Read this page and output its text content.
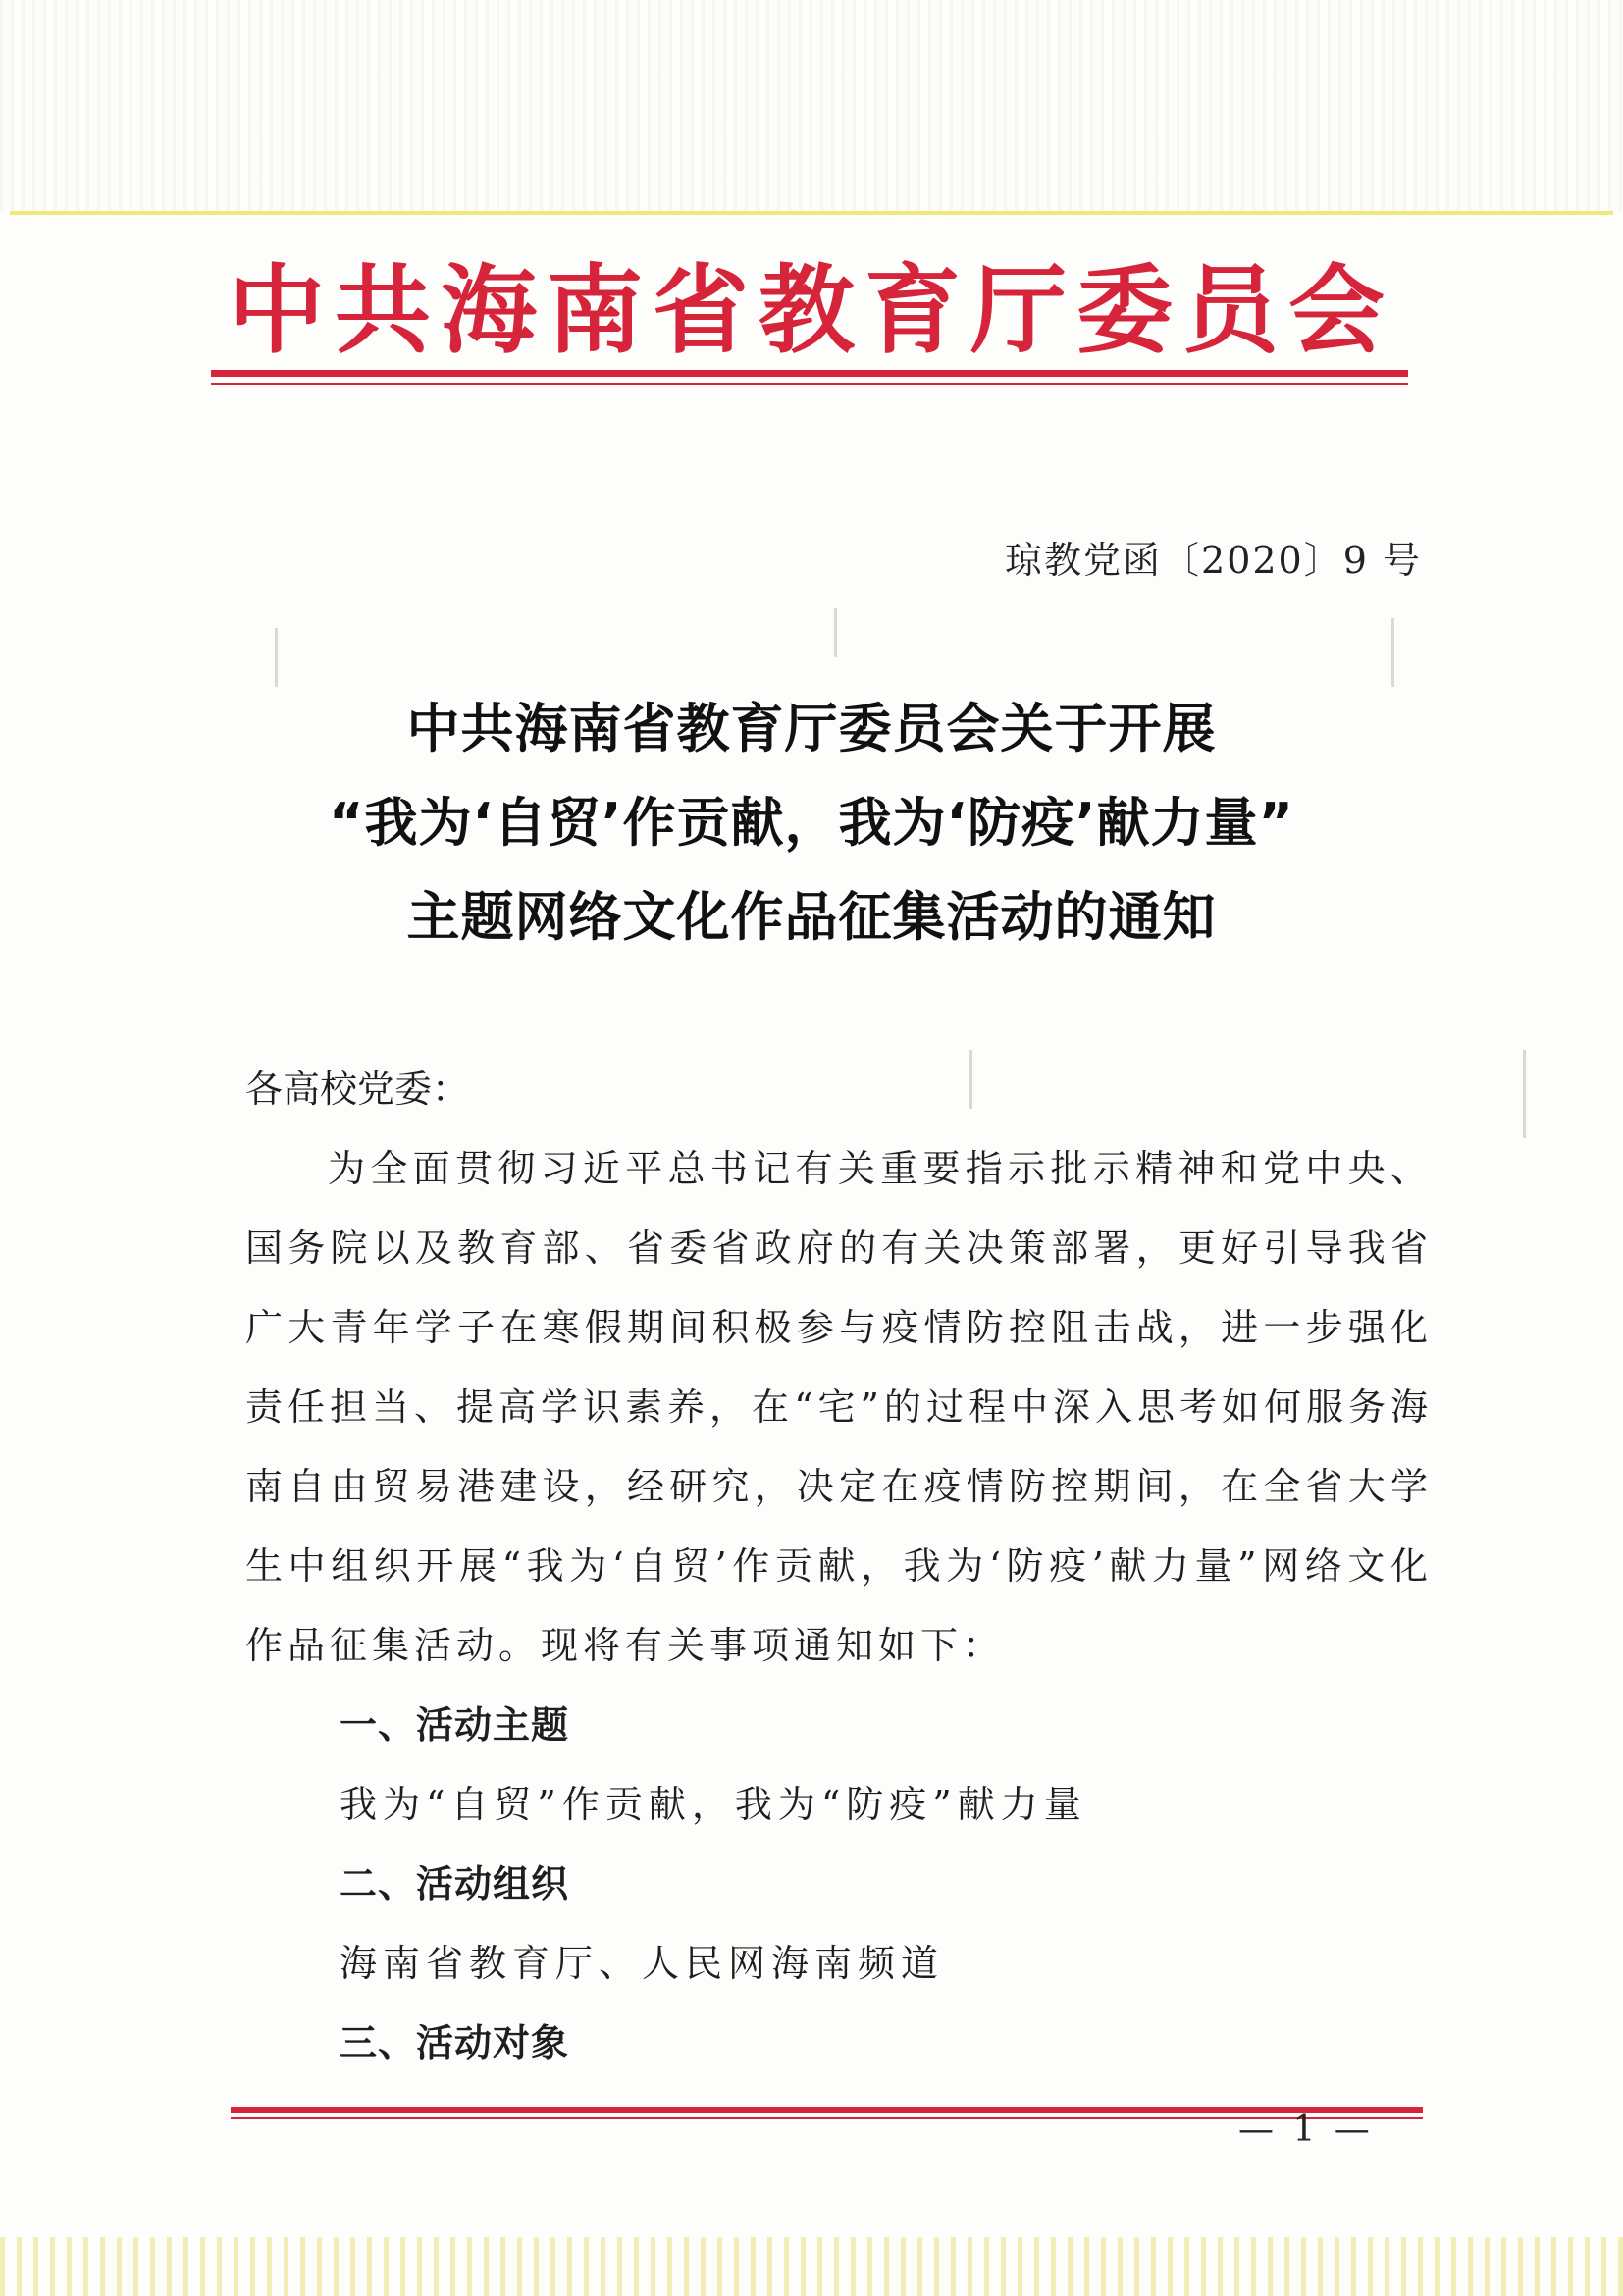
中共海南省教育厅委员会
琼教党函〔2020〕9 号
中共海南省教育厅委员会关于开展
“我为‘自贸’作贡献，我为‘防疫’献力量”
主题网络文化作品征集活动的通知
各高校党委：
为全面贯彻习近平总书记有关重要指示批示精神和党中央、国务院以及教育部、省委省政府的有关决策部署，更好引导我省广大青年学子在寒假期间积极参与疫情防控阻击战，进一步强化责任担当、提高学识素养，在“宅”的过程中深入思考如何服务海南自由贸易港建设，经研究，决定在疫情防控期间，在全省大学生中组织开展“我为‘自贸’作贡献，我为‘防疫’献力量”网络文化作品征集活动。现将有关事项通知如下：
一、活动主题
我为“自贸”作贡献，我为“防疫”献力量
二、活动组织
海南省教育厅、人民网海南频道
三、活动对象
— 1 —
